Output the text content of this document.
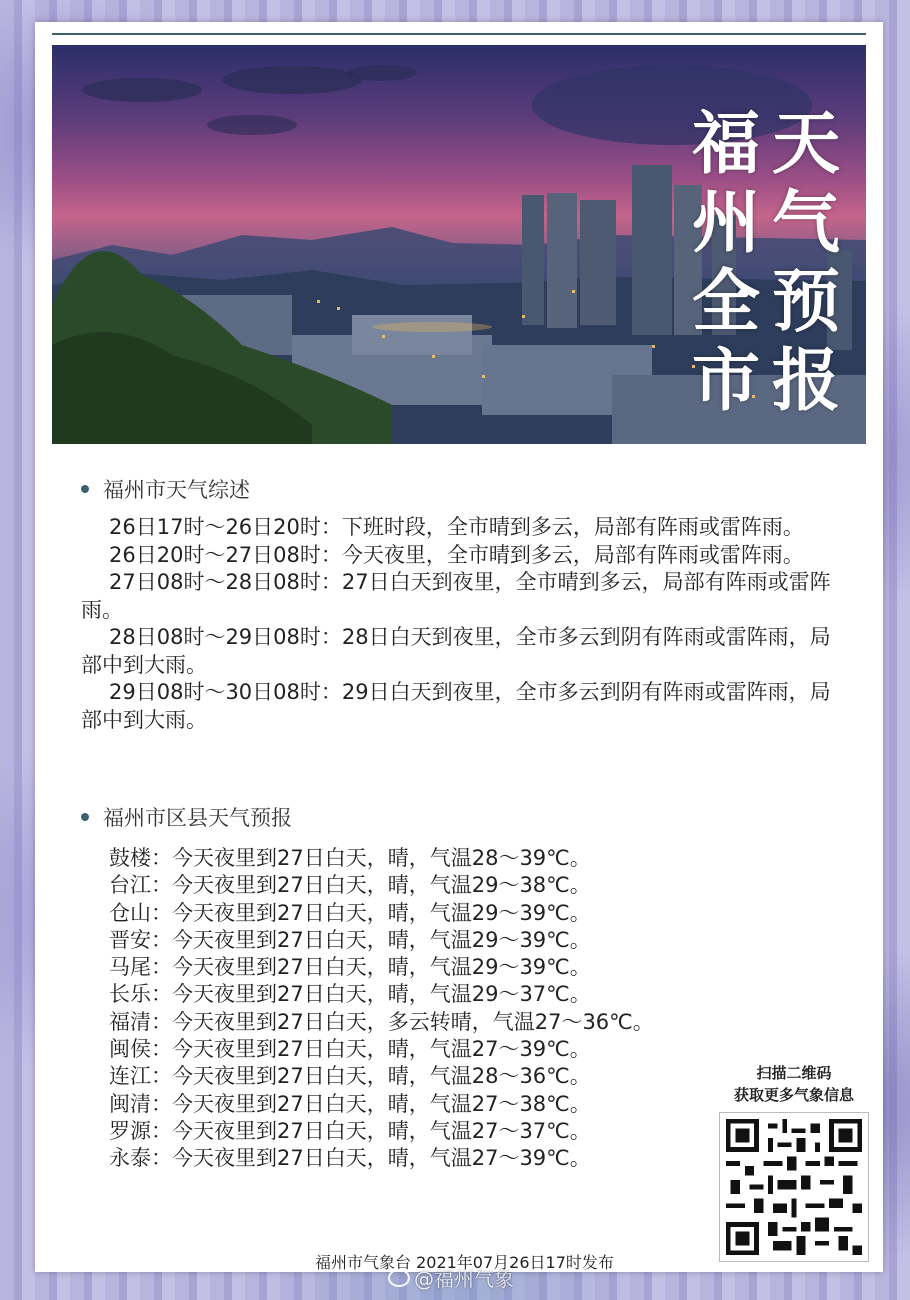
天气预报
福州全市
福州市天气综述

26日17时～26日20时：下班时段，全市晴到多云，局部有阵雨或雷阵雨。

26日20时～27日08时：今天夜里，全市晴到多云，局部有阵雨或雷阵雨。

27日08时～28日08时：27日白天到夜里，全市晴到多云，局部有阵雨或雷阵雨。

28日08时～29日08时：28日白天到夜里，全市多云到阴有阵雨或雷阵雨，局部中到大雨。

29日08时～30日08时：29日白天到夜里，全市多云到阴有阵雨或雷阵雨，局部中到大雨。

福州市区县天气预报
鼓楼：今天夜里到27日白天，晴，气温28～39℃。
台江：今天夜里到27日白天，晴，气温29～38℃。
仓山：今天夜里到27日白天，晴，气温29～39℃。
晋安：今天夜里到27日白天，晴，气温29～39℃。
马尾：今天夜里到27日白天，晴，气温29～39℃。
长乐：今天夜里到27日白天，晴，气温29～37℃。
福清：今天夜里到27日白天，多云转晴，气温27～36℃。
闽侯：今天夜里到27日白天，晴，气温27～39℃。
连江：今天夜里到27日白天，晴，气温28～36℃。
闽清：今天夜里到27日白天，晴，气温27～38℃。
罗源：今天夜里到27日白天，晴，气温27～37℃。
永泰：今天夜里到27日白天，晴，气温27～39℃。
扫描二维码
获取更多气象信息
福州市气象台 2021年07月26日17时发布
@福州气象
